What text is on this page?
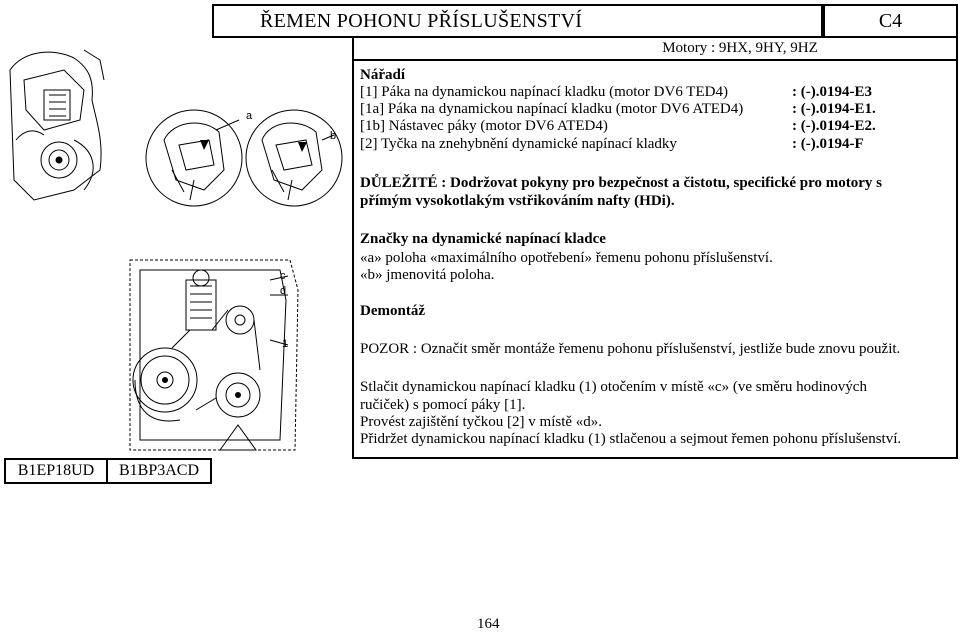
ŘEMEN POHONU PŘÍSLUŠENSTVÍ	C4
Motory : 9HX, 9HY, 9HZ
Nářadí
[1] Páka na dynamickou napínací kladku (motor DV6 TED4)	: (-).0194-E3
[1a] Páka na dynamickou napínací kladku (motor DV6 ATED4)	: (-).0194-E1.
[1b] Nástavec páky (motor DV6 ATED4)	: (-).0194-E2.
[2] Tyčka na znehybnění dynamické napínací kladky	: (-).0194-F
DŮLEŽITÉ : Dodržovat pokyny pro bezpečnost a čistotu, specifické pro motory s
přímým vysokotlakým vstřikováním nafty (HDi).
Značky na dynamické napínací kladce
«a» poloha «maximálního opotřebení» řemenu pohonu příslušenství.
«b» jmenovitá poloha.
Demontáž
POZOR : Označit směr montáže řemenu pohonu příslušenství, jestliže bude znovu použit.
Stlačit dynamickou napínací kladku (1) otočením v místě «c» (ve směru hodinových
ručiček) s pomocí páky [1].
Provést zajištění tyčkou [2] v místě «d».
Přidržet dynamickou napínací kladku (1) stlačenou a sejmout řemen pohonu příslušenství.
a
b
c
d
1
B1EP18UD B1BP3ACD
164
